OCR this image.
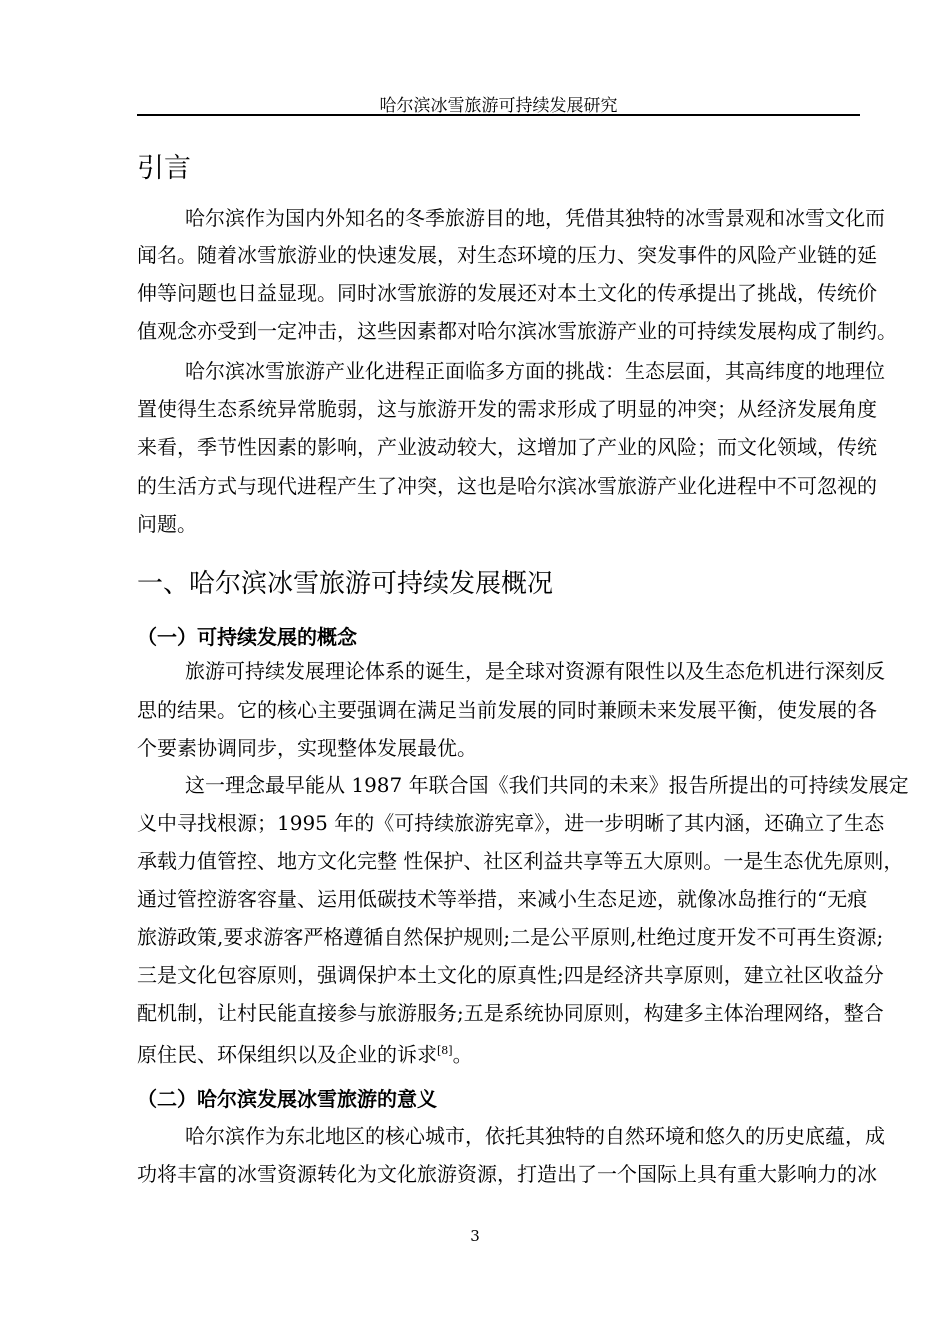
哈尔滨冰雪旅游可持续发展研究
引言
哈尔滨作为国内外知名的冬季旅游目的地，凭借其独特的冰雪景观和冰雪文化而
闻名。随着冰雪旅游业的快速发展，对生态环境的压力、突发事件的风险产业链的延
伸等问题也日益显现。同时冰雪旅游的发展还对本土文化的传承提出了挑战，传统价
值观念亦受到一定冲击，这些因素都对哈尔滨冰雪旅游产业的可持续发展构成了制约。
哈尔滨冰雪旅游产业化进程正面临多方面的挑战：生态层面，其高纬度的地理位
置使得生态系统异常脆弱，这与旅游开发的需求形成了明显的冲突；从经济发展角度
来看，季节性因素的影响，产业波动较大，这增加了产业的风险；而文化领域，传统
的生活方式与现代进程产生了冲突，这也是哈尔滨冰雪旅游产业化进程中不可忽视的
问题。
一、哈尔滨冰雪旅游可持续发展概况
（一）可持续发展的概念
旅游可持续发展理论体系的诞生，是全球对资源有限性以及生态危机进行深刻反
思的结果。它的核心主要强调在满足当前发展的同时兼顾未来发展平衡，使发展的各
个要素协调同步，实现整体发展最优。
这一理念最早能从 1987 年联合国《我们共同的未来》报告所提出的可持续发展定
义中寻找根源；1995 年的《可持续旅游宪章》，进一步明晰了其内涵，还确立了生态
承载力值管控、地方文化完整 性保护、社区利益共享等五大原则。一是生态优先原则，
通过管控游客容量、运用低碳技术等举措，来减小生态足迹，就像冰岛推行的“无痕
旅游政策,要求游客严格遵循自然保护规则;二是公平原则,杜绝过度开发不可再生资源;
三是文化包容原则，强调保护本土文化的原真性;四是经济共享原则，建立社区收益分
配机制，让村民能直接参与旅游服务;五是系统协同原则，构建多主体治理网络，整合
原住民、环保组织以及企业的诉求[8]。
（二）哈尔滨发展冰雪旅游的意义
哈尔滨作为东北地区的核心城市，依托其独特的自然环境和悠久的历史底蕴，成
功将丰富的冰雪资源转化为文化旅游资源，打造出了一个国际上具有重大影响力的冰
3
